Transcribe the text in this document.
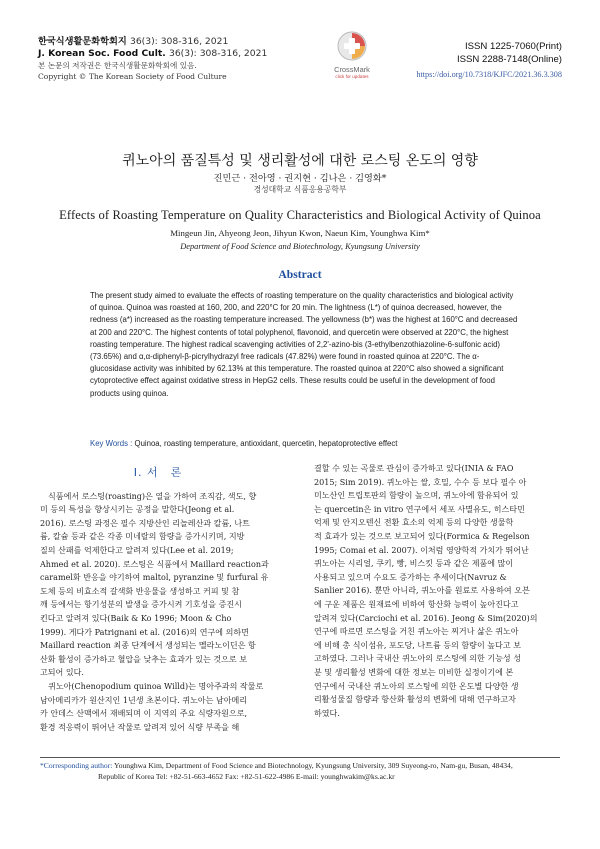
한국식생활문화학회지 36(3): 308-316, 2021
J. Korean Soc. Food Cult. 36(3): 308-316, 2021
본 논문의 저작권은 한국식생활문화학회에 있음.
Copyright © The Korean Society of Food Culture
CrossMark
click for updates
ISSN 1225-7060(Print)
ISSN 2288-7148(Online)
https://doi.org/10.7318/KJFC/2021.36.3.308
퀴노아의 품질특성 및 생리활성에 대한 로스팅 온도의 영향
진민근 · 전아영 · 권지현 · 김나은 · 김영화*
경성대학교 식품응용공학부
Effects of Roasting Temperature on Quality Characteristics and Biological Activity of Quinoa
Mingeun Jin, Ahyeong Jeon, Jihyun Kwon, Naeun Kim, Younghwa Kim*
Department of Food Science and Biotechnology, Kyungsung University
Abstract
The present study aimed to evaluate the effects of roasting temperature on the quality characteristics and biological activity
of quinoa. Quinoa was roasted at 160, 200, and 220°C for 20 min. The lightness (L*) of quinoa decreased, however, the
redness (a*) increased as the roasting temperature increased. The yellowness (b*) was the highest at 160°C and decreased
at 200 and 220°C. The highest contents of total polyphenol, flavonoid, and quercetin were observed at 220°C, the highest
roasting temperature. The highest radical scavenging activities of 2,2'-azino-bis (3-ethylbenzothiazoline-6-sulfonic acid)
(73.65%) and α,α-diphenyl-β-picrylhydrazyl free radicals (47.82%) were found in roasted quinoa at 220°C. The α-
glucosidase activity was inhibited by 62.13% at this temperature. The roasted quinoa at 220°C also showed a significant
cytoprotective effect against oxidative stress in HepG2 cells. These results could be useful in the development of food
products using quinoa.
Key Words : Quinoa, roasting temperature, antioxidant, quercetin, hepatoprotective effect
Ⅰ. 서　론
　식품에서 로스팅(roasting)은 열을 가하여 조직감, 색도, 향
미 등의 특성을 향상시키는 공정을 말한다(Jeong et al.
2016). 로스팅 과정은 필수 지방산인 리놀레산과 칼륨, 나트
륨, 칼슘 등과 같은 각종 미네랄의 함량을 증가시키며, 지방
질의 산패를 억제한다고 알려져 있다(Lee et al. 2019;
Ahmed et al. 2020). 로스팅은 식품에서 Maillard reaction과
caramel화 반응을 야기하여 maltol, pyranzine 및 furfural 유
도체 등의 비효소적 갈색화 반응물을 생성하고 커피 및 참
깨 등에서는 항기성분의 발생을 증가시켜 기호성을 증진시
킨다고 알려져 있다(Baik & Ko 1996; Moon & Cho
1999). 게다가 Patrignani et al. (2016)의 연구에 의하면
Maillard reaction 최종 단계에서 생성되는 멜라노이딘은 항
산화 활성이 증가하고 혈압을 낮추는 효과가 있는 것으로 보
고되어 있다.
　퀴노아(Chenopodium quinoa Willd)는 명아주과의 작물로
남아메리카가 원산지인 1년생 초본이다. 퀴노아는 남아메리
카 안데스 산맥에서 재배되며 이 지역의 주요 식량자원으로,
환경 적응력이 뛰어난 작물로 알려져 있어 식량 부족을 해
결할 수 있는 곡물로 관심이 증가하고 있다(INIA & FAO
2015; Sim 2019). 퀴노아는 쌀, 호밀, 수수 등 보다 필수 아
미노산인 트립토판의 함량이 높으며, 퀴노아에 함유되어 있
는 quercetin은 in vitro 연구에서 세포 사멸유도, 히스타민
억제 및 안지오텐신 전환 효소의 억제 등의 다양한 생물학
적 효과가 있는 것으로 보고되어 있다(Formica & Regelson
1995; Comai et al. 2007). 이처럼 영양학적 가치가 뛰어난
퀴노아는 시리얼, 쿠키, 빵, 비스킷 등과 같은 제품에 많이
사용되고 있으며 수요도 증가하는 추세이다(Navruz &
Sanlier 2016). 뿐만 아니라, 퀴노아를 원료로 사용하여 오븐
에 구운 제품은 원재료에 비하여 항산화 능력이 높아진다고
알려져 있다(Carciochi et al. 2016). Jeong & Sim(2020)의
연구에 따르면 로스팅을 거친 퀴노아는 찌거나 삶은 퀴노아
에 비해 총 식이섬유, 포도당, 나트륨 등의 함량이 높다고 보
고하였다. 그러나 국내산 퀴노아의 로스팅에 의한 기능성 성
분 및 생리활성 변화에 대한 정보는 미비한 실정이기에 본
연구에서 국내산 퀴노아의 로스팅에 의한 온도별 다양한 생
리활성물질 함량과 항산화 활성의 변화에 대해 연구하고자
하였다.
*Corresponding author: Younghwa Kim, Department of Food Science and Biotechnology, Kyungsung University, 309 Suyeong-ro, Nam-gu, Busan, 48434,
Republic of Korea Tel: +82-51-663-4652 Fax: +82-51-622-4986 E-mail: younghwakim@ks.ac.kr
